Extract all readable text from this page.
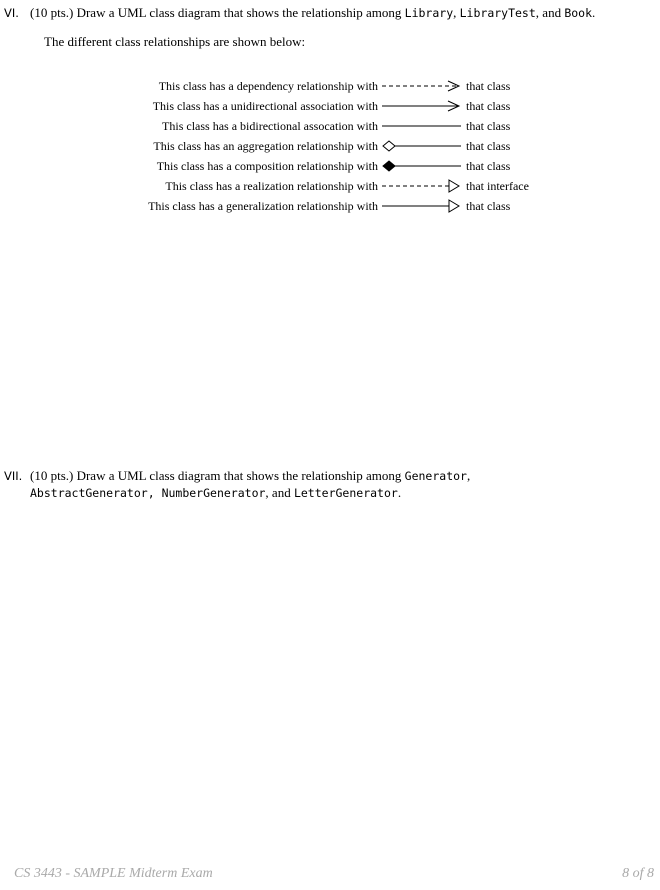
VI. (10 pts.) Draw a UML class diagram that shows the relationship among Library, LibraryTest, and Book.
The different class relationships are shown below:
This class has a dependency relationship with	that class
This class has a unidirectional association with	that class
This class has a bidirectional assocation with	that class
This class has an aggregation relationship with	that class
This class has a composition relationship with	that class
This class has a realization relationship with	that interface
This class has a generalization relationship with	that class
VII. (10 pts.) Draw a UML class diagram that shows the relationship among Generator,
AbstractGenerator, NumberGenerator, and LetterGenerator.
CS 3443 - SAMPLE Midterm Exam	8 of 8
